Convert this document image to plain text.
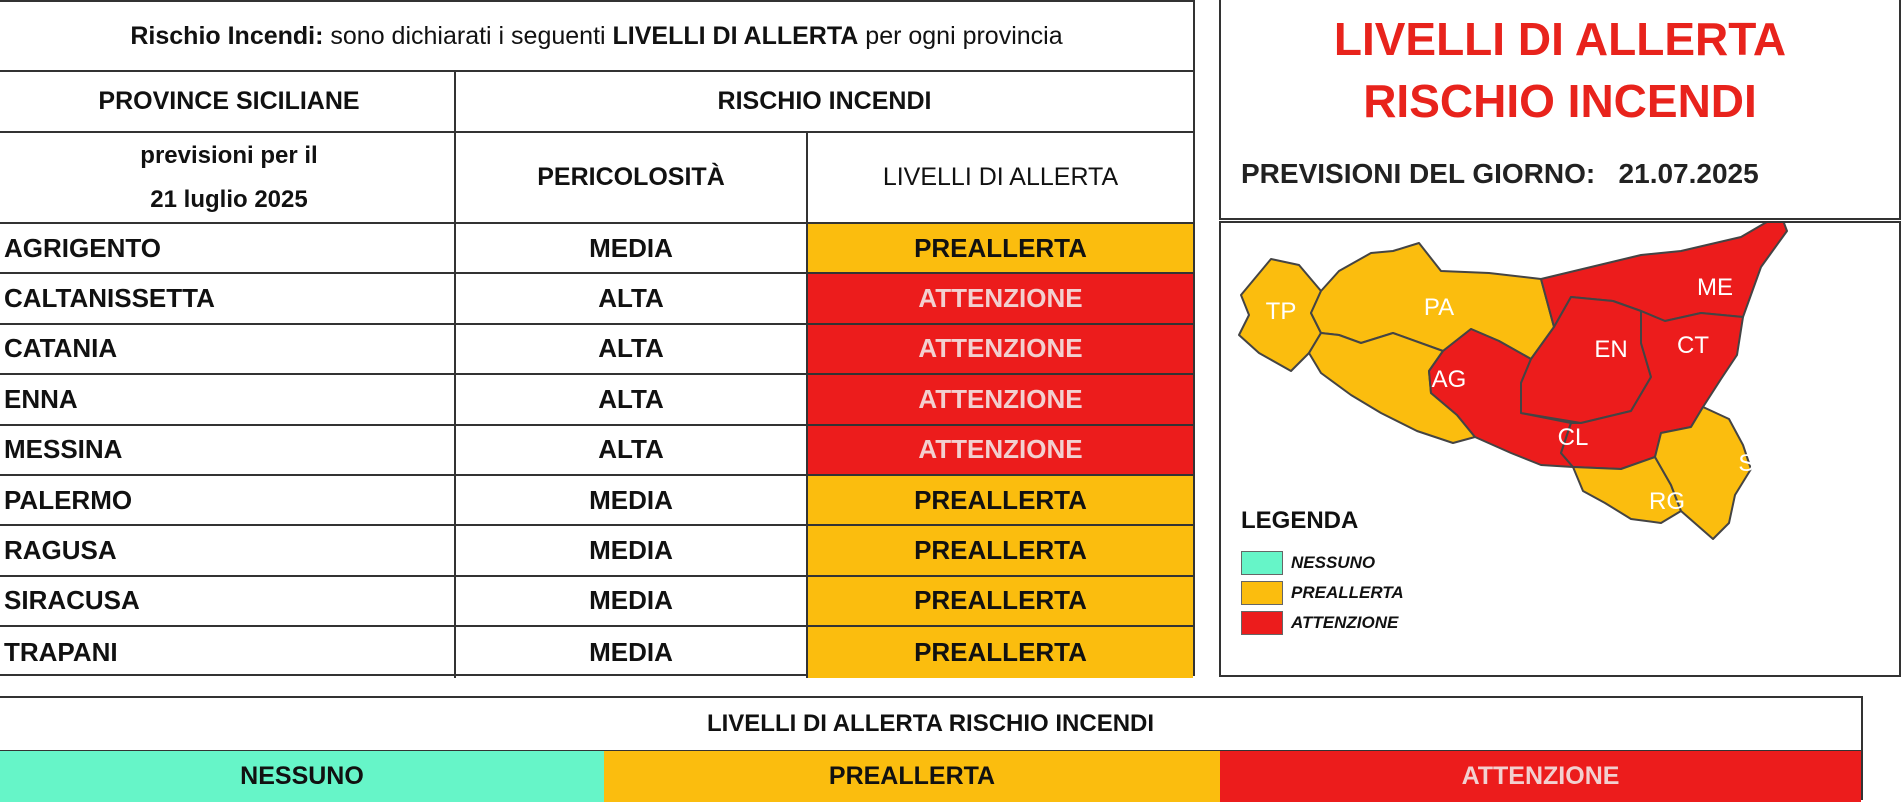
Rischio Incendi: sono dichiarati i seguenti LIVELLI DI ALLERTA per ogni provincia
PROVINCE SICILIANE	RISCHIO INCENDI
previsioni per il
21 luglio 2025
PERICOLOSITÀ	LIVELLI DI ALLERTA
AGRIGENTO	MEDIA	PREALLERTA
CALTANISSETTA	ALTA	ATTENZIONE
CATANIA	ALTA	ATTENZIONE
ENNA	ALTA	ATTENZIONE
MESSINA	ALTA	ATTENZIONE
PALERMO	MEDIA	PREALLERTA
RAGUSA	MEDIA	PREALLERTA
SIRACUSA	MEDIA	PREALLERTA
TRAPANI	MEDIA	PREALLERTA
LIVELLI DI ALLERTA
RISCHIO INCENDI
PREVISIONI DEL GIORNO: 21.07.2025
TP	PA
AG
ME
EN CT
CL
SR
RG
LEGENDA
NESSUNO
PREALLERTA
ATTENZIONE
LIVELLI DI ALLERTA RISCHIO INCENDI
NESSUNO	PREALLERTA	ATTENZIONE
